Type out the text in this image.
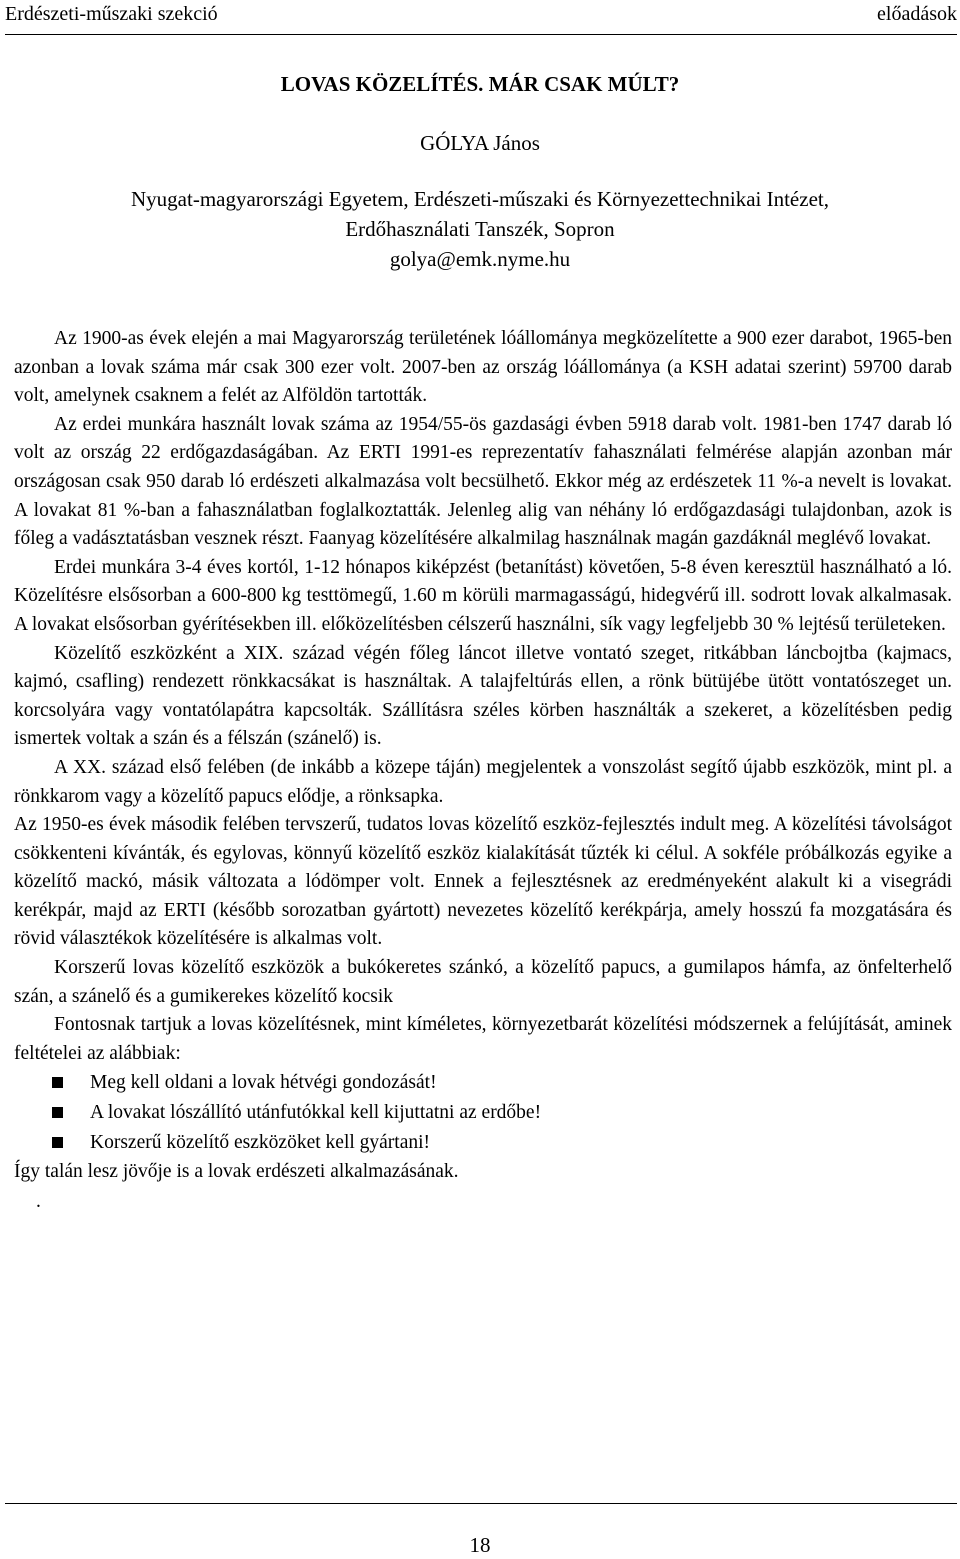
Erdészeti-műszaki szekció	előadások
LOVAS KÖZELÍTÉS. MÁR CSAK MÚLT?
GÓLYA János
Nyugat-magyarországi Egyetem, Erdészeti-műszaki és Környezettechnikai Intézet,
Erdőhasználati Tanszék, Sopron
golya@emk.nyme.hu

Az 1900-as évek elején a mai Magyarország területének lóállománya megközelítette a 900 ezer darabot, 1965-ben azonban a lovak száma már csak 300 ezer volt. 2007-ben az ország lóállománya (a KSH adatai szerint) 59700 darab volt, amelynek csaknem a felét az Alföldön tartották.

Az erdei munkára használt lovak száma az 1954/55-ös gazdasági évben 5918 darab volt. 1981-ben 1747 darab ló volt az ország 22 erdőgazdaságában. Az ERTI 1991-es reprezentatív fahasználati felmérése alapján azonban már országosan csak 950 darab ló erdészeti alkalmazása volt becsülhető. Ekkor még az erdészetek 11 %-a nevelt is lovakat. A lovakat 81 %-ban a fahasználatban foglalkoztatták. Jelenleg alig van néhány ló erdőgazdasági tulajdonban, azok is főleg a vadásztatásban vesznek részt. Faanyag közelítésére alkalmilag használnak magán gazdáknál meglévő lovakat.

Erdei munkára 3-4 éves kortól, 1-12 hónapos kiképzést (betanítást) követően, 5-8 éven keresztül használható a ló. Közelítésre elsősorban a 600-800 kg testtömegű, 1.60 m körüli marmagasságú, hidegvérű ill. sodrott lovak alkalmasak. A lovakat elsősorban gyérítésekben ill. előközelítésben célszerű használni, sík vagy legfeljebb 30 % lejtésű területeken.

Közelítő eszközként a XIX. század végén főleg láncot illetve vontató szeget, ritkábban láncbojtba (kajmacs, kajmó, csafling) rendezett rönkkacsákat is használtak. A talajfeltúrás ellen, a rönk bütüjébe ütött vontatószeget un. korcsolyára vagy vontatólapátra kapcsolták. Szállításra széles körben használták a szekeret, a közelítésben pedig ismertek voltak a szán és a félszán (szánelő) is.

A XX. század első felében (de inkább a közepe táján) megjelentek a vonszolást segítő újabb eszközök, mint pl. a rönkkarom vagy a közelítő papucs elődje, a rönksapka.

Az 1950-es évek második felében tervszerű, tudatos lovas közelítő eszköz-fejlesztés indult meg. A közelítési távolságot csökkenteni kívánták, és egylovas, könnyű közelítő eszköz kialakítását tűzték ki célul. A sokféle próbálkozás egyike a közelítő mackó, másik változata a lódömper volt. Ennek a fejlesztésnek az eredményeként alakult ki a visegrádi kerékpár, majd az ERTI (később sorozatban gyártott) nevezetes közelítő kerékpárja, amely hosszú fa mozgatására és rövid választékok közelítésére is alkalmas volt.

Korszerű lovas közelítő eszközök a bukókeretes szánkó, a közelítő papucs, a gumilapos hámfa, az önfelterhelő szán, a szánelő és a gumikerekes közelítő kocsik

Fontosnak tartjuk a lovas közelítésnek, mint kíméletes, környezetbarát közelítési módszernek a felújítását, aminek feltételei az alábbiak:

Meg kell oldani a lovak hétvégi gondozását!
A lovakat lószállító utánfutókkal kell kijuttatni az erdőbe!
Korszerű közelítő eszközöket kell gyártani!

Így talán lesz jövője is a lovak erdészeti alkalmazásának.

.

18
